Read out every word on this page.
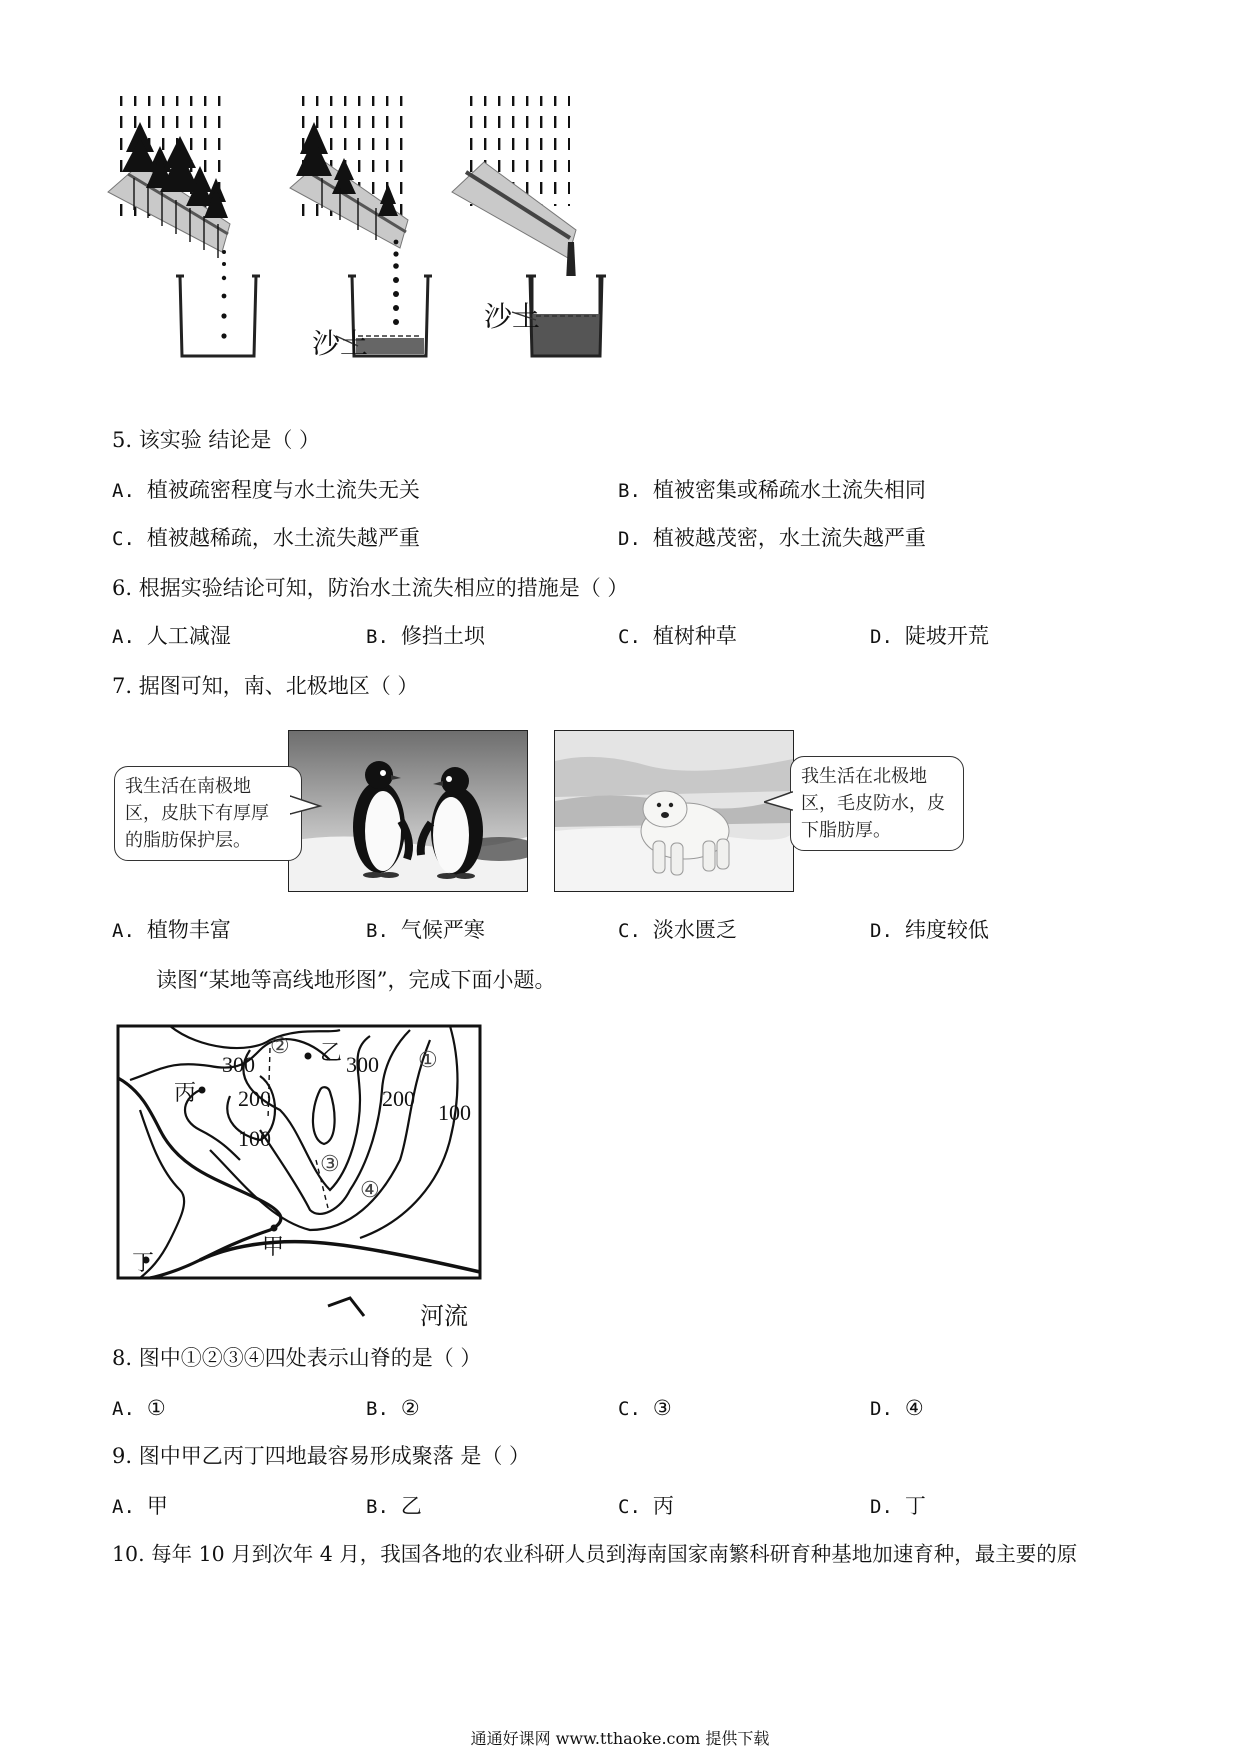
沙土
沙土
5. 该实验 结论是（ ）
A. 植被疏密程度与水土流失无关	B. 植被密集或稀疏水土流失相同
C. 植被越稀疏，水土流失越严重	D. 植被越茂密，水土流失越严重
6. 根据实验结论可知，防治水土流失相应的措施是（ ）
A. 人工减湿	B. 修挡土坝	C. 植树种草	D. 陡坡开荒
7. 据图可知，南、北极地区（ ）
我生活在南极地
区，皮肤下有厚厚
的脂肪保护层。
我生活在北极地
区，毛皮防水，皮
下脂肪厚。
A. 植物丰富	B. 气候严寒	C. 淡水匮乏	D. 纬度较低
读图“某地等高线地形图”，完成下面小题。
300	300
200	200
100
100
甲
乙
丙
丁
①
②
③
④
河流
8. 图中①②③④四处表示山脊的是（ ）
A. ①	B. ②	C. ③	D. ④
9. 图中甲乙丙丁四地最容易形成聚落 是（ ）
A. 甲	B. 乙	C. 丙	D. 丁
10. 每年 10 月到次年 4 月，我国各地的农业科研人员到海南国家南繁科研育种基地加速育种，最主要的原
通通好课网 www.tthaoke.com 提供下载
